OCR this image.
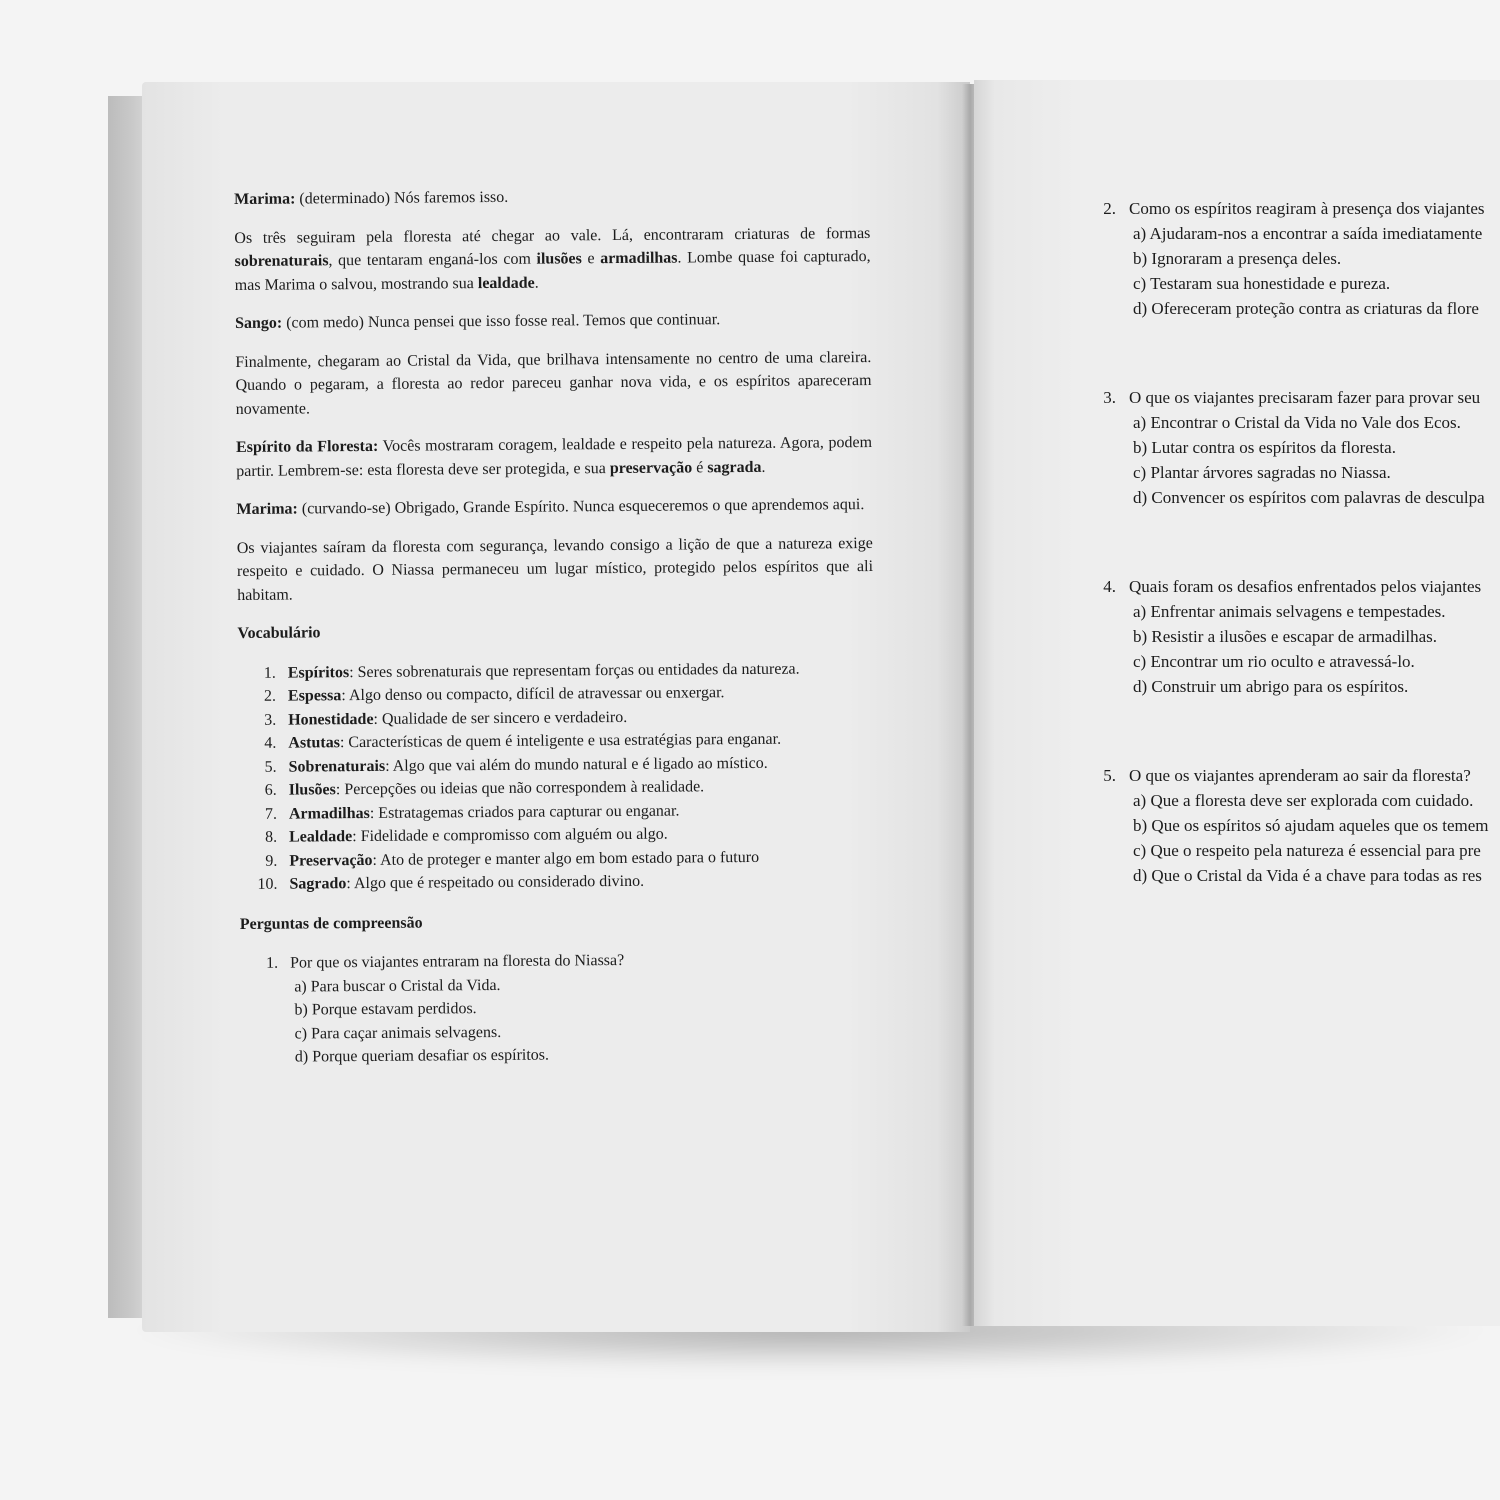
Marima: (determinado) Nós faremos isso.

Os três seguiram pela floresta até chegar ao vale. Lá, encontraram criaturas de formas sobrenaturais, que tentaram enganá-los com ilusões e armadilhas. Lombe quase foi capturado, mas Marima o salvou, mostrando sua lealdade.

Sango: (com medo) Nunca pensei que isso fosse real. Temos que continuar.

Finalmente, chegaram ao Cristal da Vida, que brilhava intensamente no centro de uma clareira. Quando o pegaram, a floresta ao redor pareceu ganhar nova vida, e os espíritos apareceram novamente.

Espírito da Floresta: Vocês mostraram coragem, lealdade e respeito pela natureza. Agora, podem partir. Lembrem-se: esta floresta deve ser protegida, e sua preservação é sagrada.

Marima: (curvando-se) Obrigado, Grande Espírito. Nunca esqueceremos o que aprendemos aqui.

Os viajantes saíram da floresta com segurança, levando consigo a lição de que a natureza exige respeito e cuidado. O Niassa permaneceu um lugar místico, protegido pelos espíritos que ali habitam.

Vocabulário
1. Espíritos: Seres sobrenaturais que representam forças ou entidades da natureza.
2. Espessa: Algo denso ou compacto, difícil de atravessar ou enxergar.
3. Honestidade: Qualidade de ser sincero e verdadeiro.
4. Astutas: Características de quem é inteligente e usa estratégias para enganar.
5. Sobrenaturais: Algo que vai além do mundo natural e é ligado ao místico.
6. Ilusões: Percepções ou ideias que não correspondem à realidade.
7. Armadilhas: Estratagemas criados para capturar ou enganar.
8. Lealdade: Fidelidade e compromisso com alguém ou algo.
9. Preservação: Ato de proteger e manter algo em bom estado para o futuro
10. Sagrado: Algo que é respeitado ou considerado divino.
Perguntas de compreensão
1. Por que os viajantes entraram na floresta do Niassa?
a) Para buscar o Cristal da Vida.
b) Porque estavam perdidos.
c) Para caçar animais selvagens.
d) Porque queriam desafiar os espíritos.
2. Como os espíritos reagiram à presença dos viajantes
a) Ajudaram-nos a encontrar a saída imediatamente
b) Ignoraram a presença deles.
c) Testaram sua honestidade e pureza.
d) Ofereceram proteção contra as criaturas da flore
3. O que os viajantes precisaram fazer para provar seu
a) Encontrar o Cristal da Vida no Vale dos Ecos.
b) Lutar contra os espíritos da floresta.
c) Plantar árvores sagradas no Niassa.
d) Convencer os espíritos com palavras de desculpa
4. Quais foram os desafios enfrentados pelos viajantes
a) Enfrentar animais selvagens e tempestades.
b) Resistir a ilusões e escapar de armadilhas.
c) Encontrar um rio oculto e atravessá-lo.
d) Construir um abrigo para os espíritos.
5. O que os viajantes aprenderam ao sair da floresta?
a) Que a floresta deve ser explorada com cuidado.
b) Que os espíritos só ajudam aqueles que os temem
c) Que o respeito pela natureza é essencial para pre
d) Que o Cristal da Vida é a chave para todas as res
